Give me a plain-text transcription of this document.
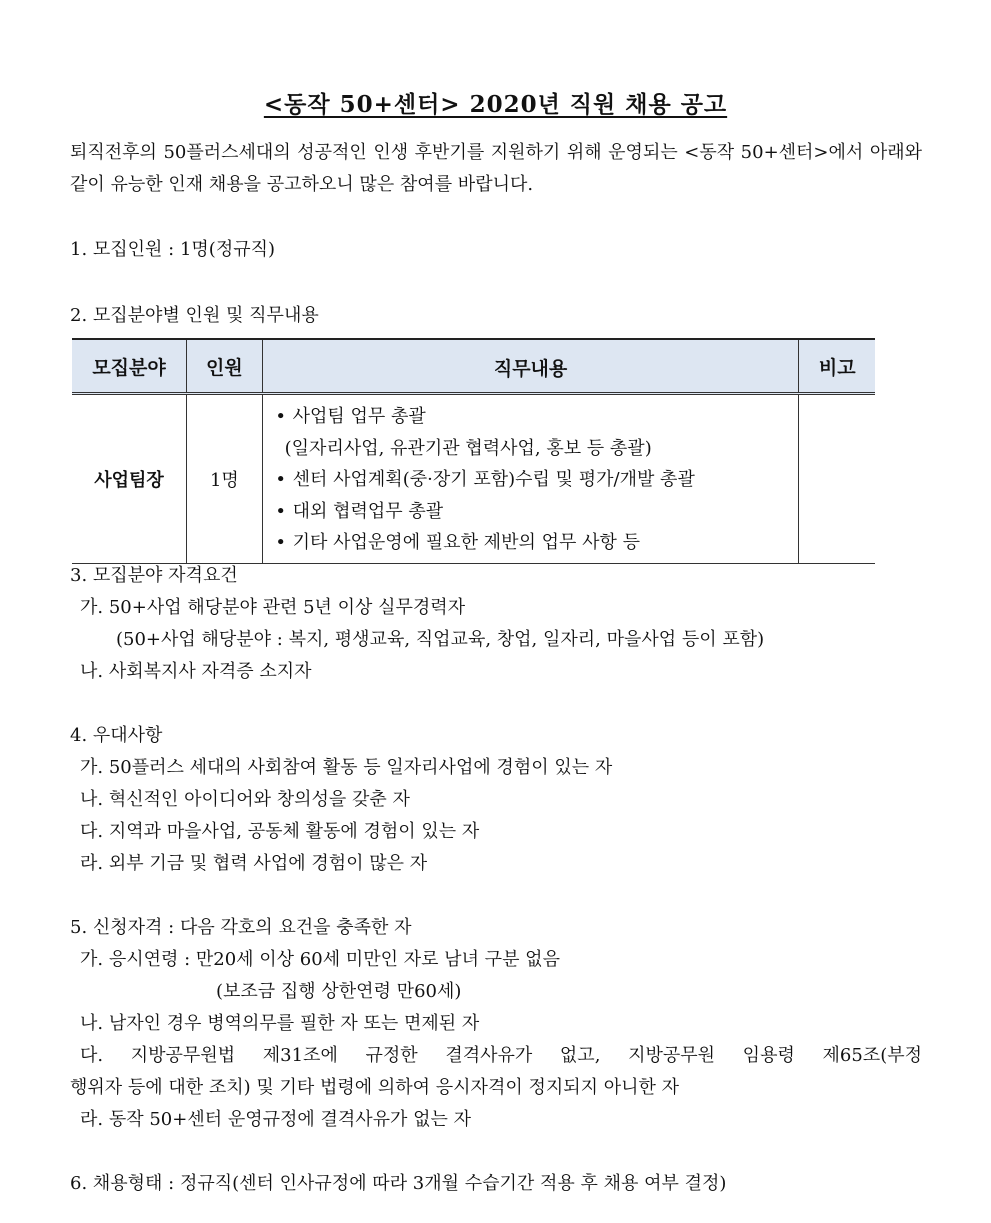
<동작 50+센터> 2020년 직원 채용 공고
퇴직전후의 50플러스세대의 성공적인 인생 후반기를 지원하기 위해 운영되는 <동작 50+센터>에서 아래와 같이 유능한 인재 채용을 공고하오니 많은 참여를 바랍니다.
1. 모집인원 : 1명(정규직)
2. 모집분야별 인원 및 직무내용
모집분야	인원	직무내용	비고
사업팀장	1명	• 사업팀 업무 총괄
(일자리사업, 유관기관 협력사업, 홍보 등 총괄)
• 센터 사업계획(중·장기 포함)수립 및 평가/개발 총괄
• 대외 협력업무 총괄
• 기타 사업운영에 필요한 제반의 업무 사항 등	

3. 모집분야 자격요건
가. 50+사업 해당분야 관련 5년 이상 실무경력자
(50+사업 해당분야 : 복지, 평생교육, 직업교육, 창업, 일자리, 마을사업 등이 포함)
나. 사회복지사 자격증 소지자
4. 우대사항
가. 50플러스 세대의 사회참여 활동 등 일자리사업에 경험이 있는 자
나. 혁신적인 아이디어와 창의성을 갖춘 자
다. 지역과 마을사업, 공동체 활동에 경험이 있는 자
라. 외부 기금 및 협력 사업에 경험이 많은 자
5. 신청자격 : 다음 각호의 요건을 충족한 자
가. 응시연령 : 만20세 이상 60세 미만인 자로 남녀 구분 없음
(보조금 집행 상한연령 만60세)
나. 남자인 경우 병역의무를 필한 자 또는 면제된 자
다. 지방공무원법 제31조에 규정한 결격사유가 없고, 지방공무원 임용령 제65조(부정
행위자 등에 대한 조치) 및 기타 법령에 의하여 응시자격이 정지되지 아니한 자
라. 동작 50+센터 운영규정에 결격사유가 없는 자
6. 채용형태 : 정규직(센터 인사규정에 따라 3개월 수습기간 적용 후 채용 여부 결정)
